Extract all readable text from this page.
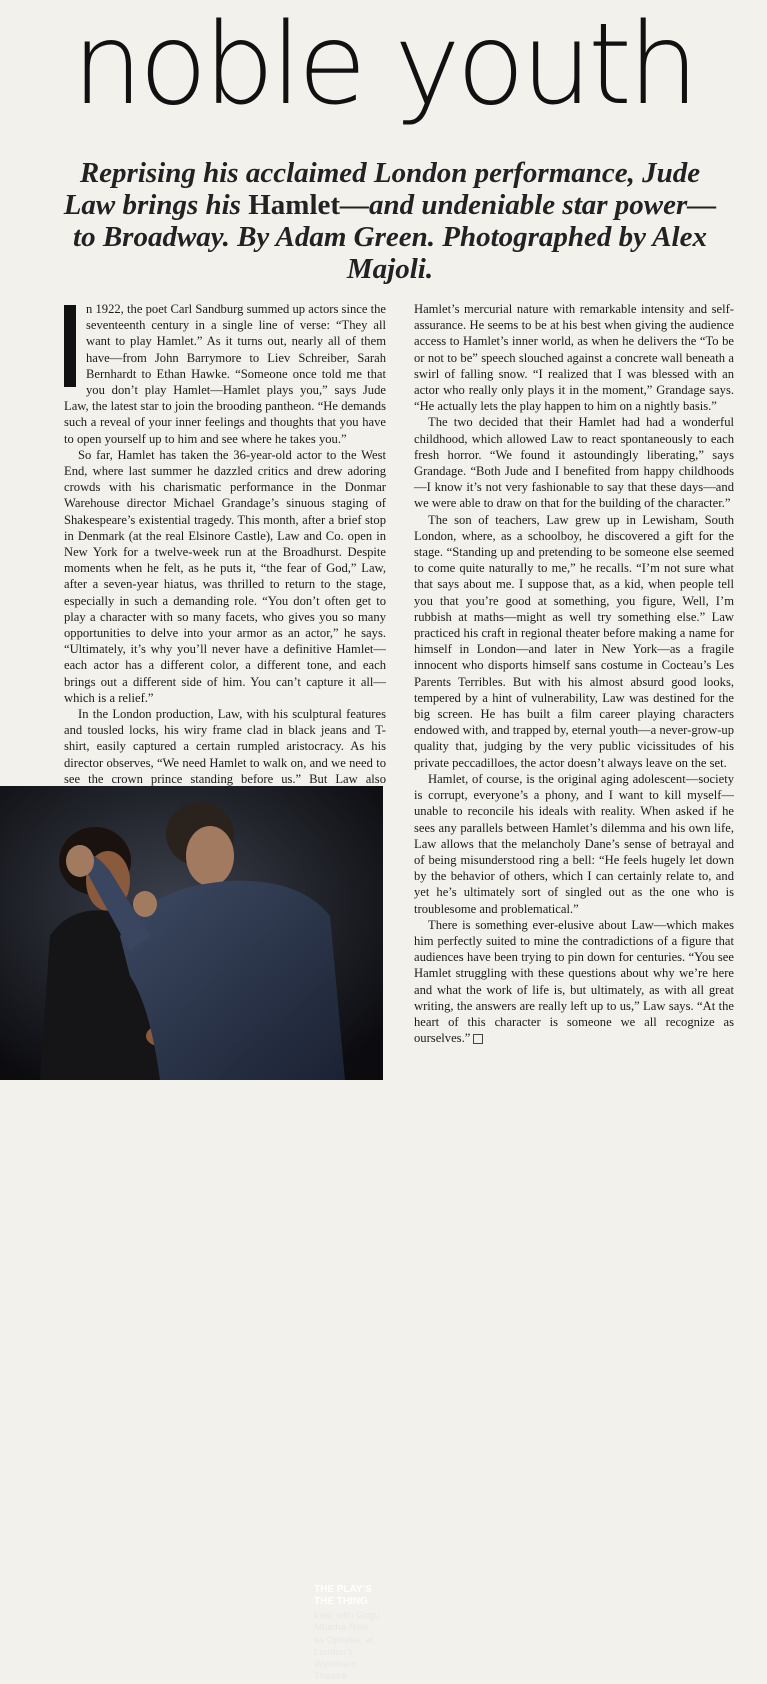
noble youth

Reprising his acclaimed London performance, Jude Law brings his Hamlet—and undeniable star power—to Broadway. By Adam Green. Photographed by Alex Majoli.

n 1922, the poet Carl Sandburg summed up actors since the seventeenth century in a single line of verse: “They all want to play Hamlet.” As it turns out, nearly all of them have—from John Barrymore to Liev Schreiber, Sarah Bernhardt to Ethan Hawke. “Someone once told me that you don’t play Hamlet—Hamlet plays you,” says Jude Law, the latest star to join the brooding pantheon. “He demands such a reveal of your inner feelings and thoughts that you have to open yourself up to him and see where he takes you.”

So far, Hamlet has taken the 36-year-old actor to the West End, where last summer he dazzled critics and drew adoring crowds with his charismatic performance in the Donmar Warehouse director Michael Grandage’s sinuous staging of Shakespeare’s existential tragedy. This month, after a brief stop in Denmark (at the real Elsinore Castle), Law and Co. open in New York for a twelve-week run at the Broadhurst. Despite moments when he felt, as he puts it, “the fear of God,” Law, after a seven-year hiatus, was thrilled to return to the stage, especially in such a demanding role. “You don’t often get to play a character with so many facets, who gives you so many opportunities to delve into your armor as an actor,” he says. “Ultimately, it’s why you’ll never have a definitive Hamlet—each actor has a different color, a different tone, and each brings out a different side of him. You can’t capture it all—which is a relief.”

In the London production, Law, with his sculptural features and tousled locks, his wiry frame clad in black jeans and T-shirt, easily captured a certain rumpled aristocracy. As his director observes, “We need Hamlet to walk on, and we need to see the crown prince standing before us.” But Law also

Hamlet’s mercurial nature with remarkable intensity and self-assurance. He seems to be at his best when giving the audience access to Hamlet’s inner world, as when he delivers the “To be or not to be” speech slouched against a concrete wall beneath a swirl of falling snow. “I realized that I was blessed with an actor who really only plays it in the moment,” Grandage says. “He actually lets the play happen to him on a nightly basis.”

The two decided that their Hamlet had had a wonderful childhood, which allowed Law to react spontaneously to each fresh horror. “We found it astoundingly liberating,” says Grandage. “Both Jude and I benefited from happy childhoods—I know it’s not very fashionable to say that these days—and we were able to draw on that for the building of the character.”

The son of teachers, Law grew up in Lewisham, South London, where, as a schoolboy, he discovered a gift for the stage. “Standing up and pretending to be someone else seemed to come quite naturally to me,” he recalls. “I’m not sure what that says about me. I suppose that, as a kid, when people tell you that you’re good at something, you figure, Well, I’m rubbish at maths—might as well try something else.” Law practiced his craft in regional theater before making a name for himself in London—and later in New York—as a fragile innocent who disports himself sans costume in Cocteau’s Les Parents Terribles. But with his almost absurd good looks, tempered by a hint of vulnerability, Law was destined for the big screen. He has built a film career playing characters endowed with, and trapped by, eternal youth—a never-grow-up quality that, judging by the very public vicissitudes of his private peccadilloes, the actor doesn’t always leave on the set.

Hamlet, of course, is the original aging adolescent—society is corrupt, everyone’s a phony, and I want to kill myself—unable to reconcile his ideals with reality. When asked if he sees any parallels between Hamlet’s dilemma and his own life, Law allows that the melancholy Dane’s sense of betrayal and of being misunderstood ring a bell: “He feels hugely let down by the behavior of others, which I can certainly relate to, and yet he’s ultimately sort of singled out as the one who is troublesome and problematical.”

There is something ever-elusive about Law—which makes him perfectly suited to mine the contradictions of a figure that audiences have been trying to pin down for centuries. “You see Hamlet struggling with these questions about why we’re here and what the work of life is, but ultimately, as with all great writing, the answers are really left up to us,” Law says. “At the heart of this character is someone we all recognize as ourselves.”

THE PLAY’S THE THING
Law, with Gugu Mbatha-Raw as Ophelia, at London’s Wyndham Theatre.
